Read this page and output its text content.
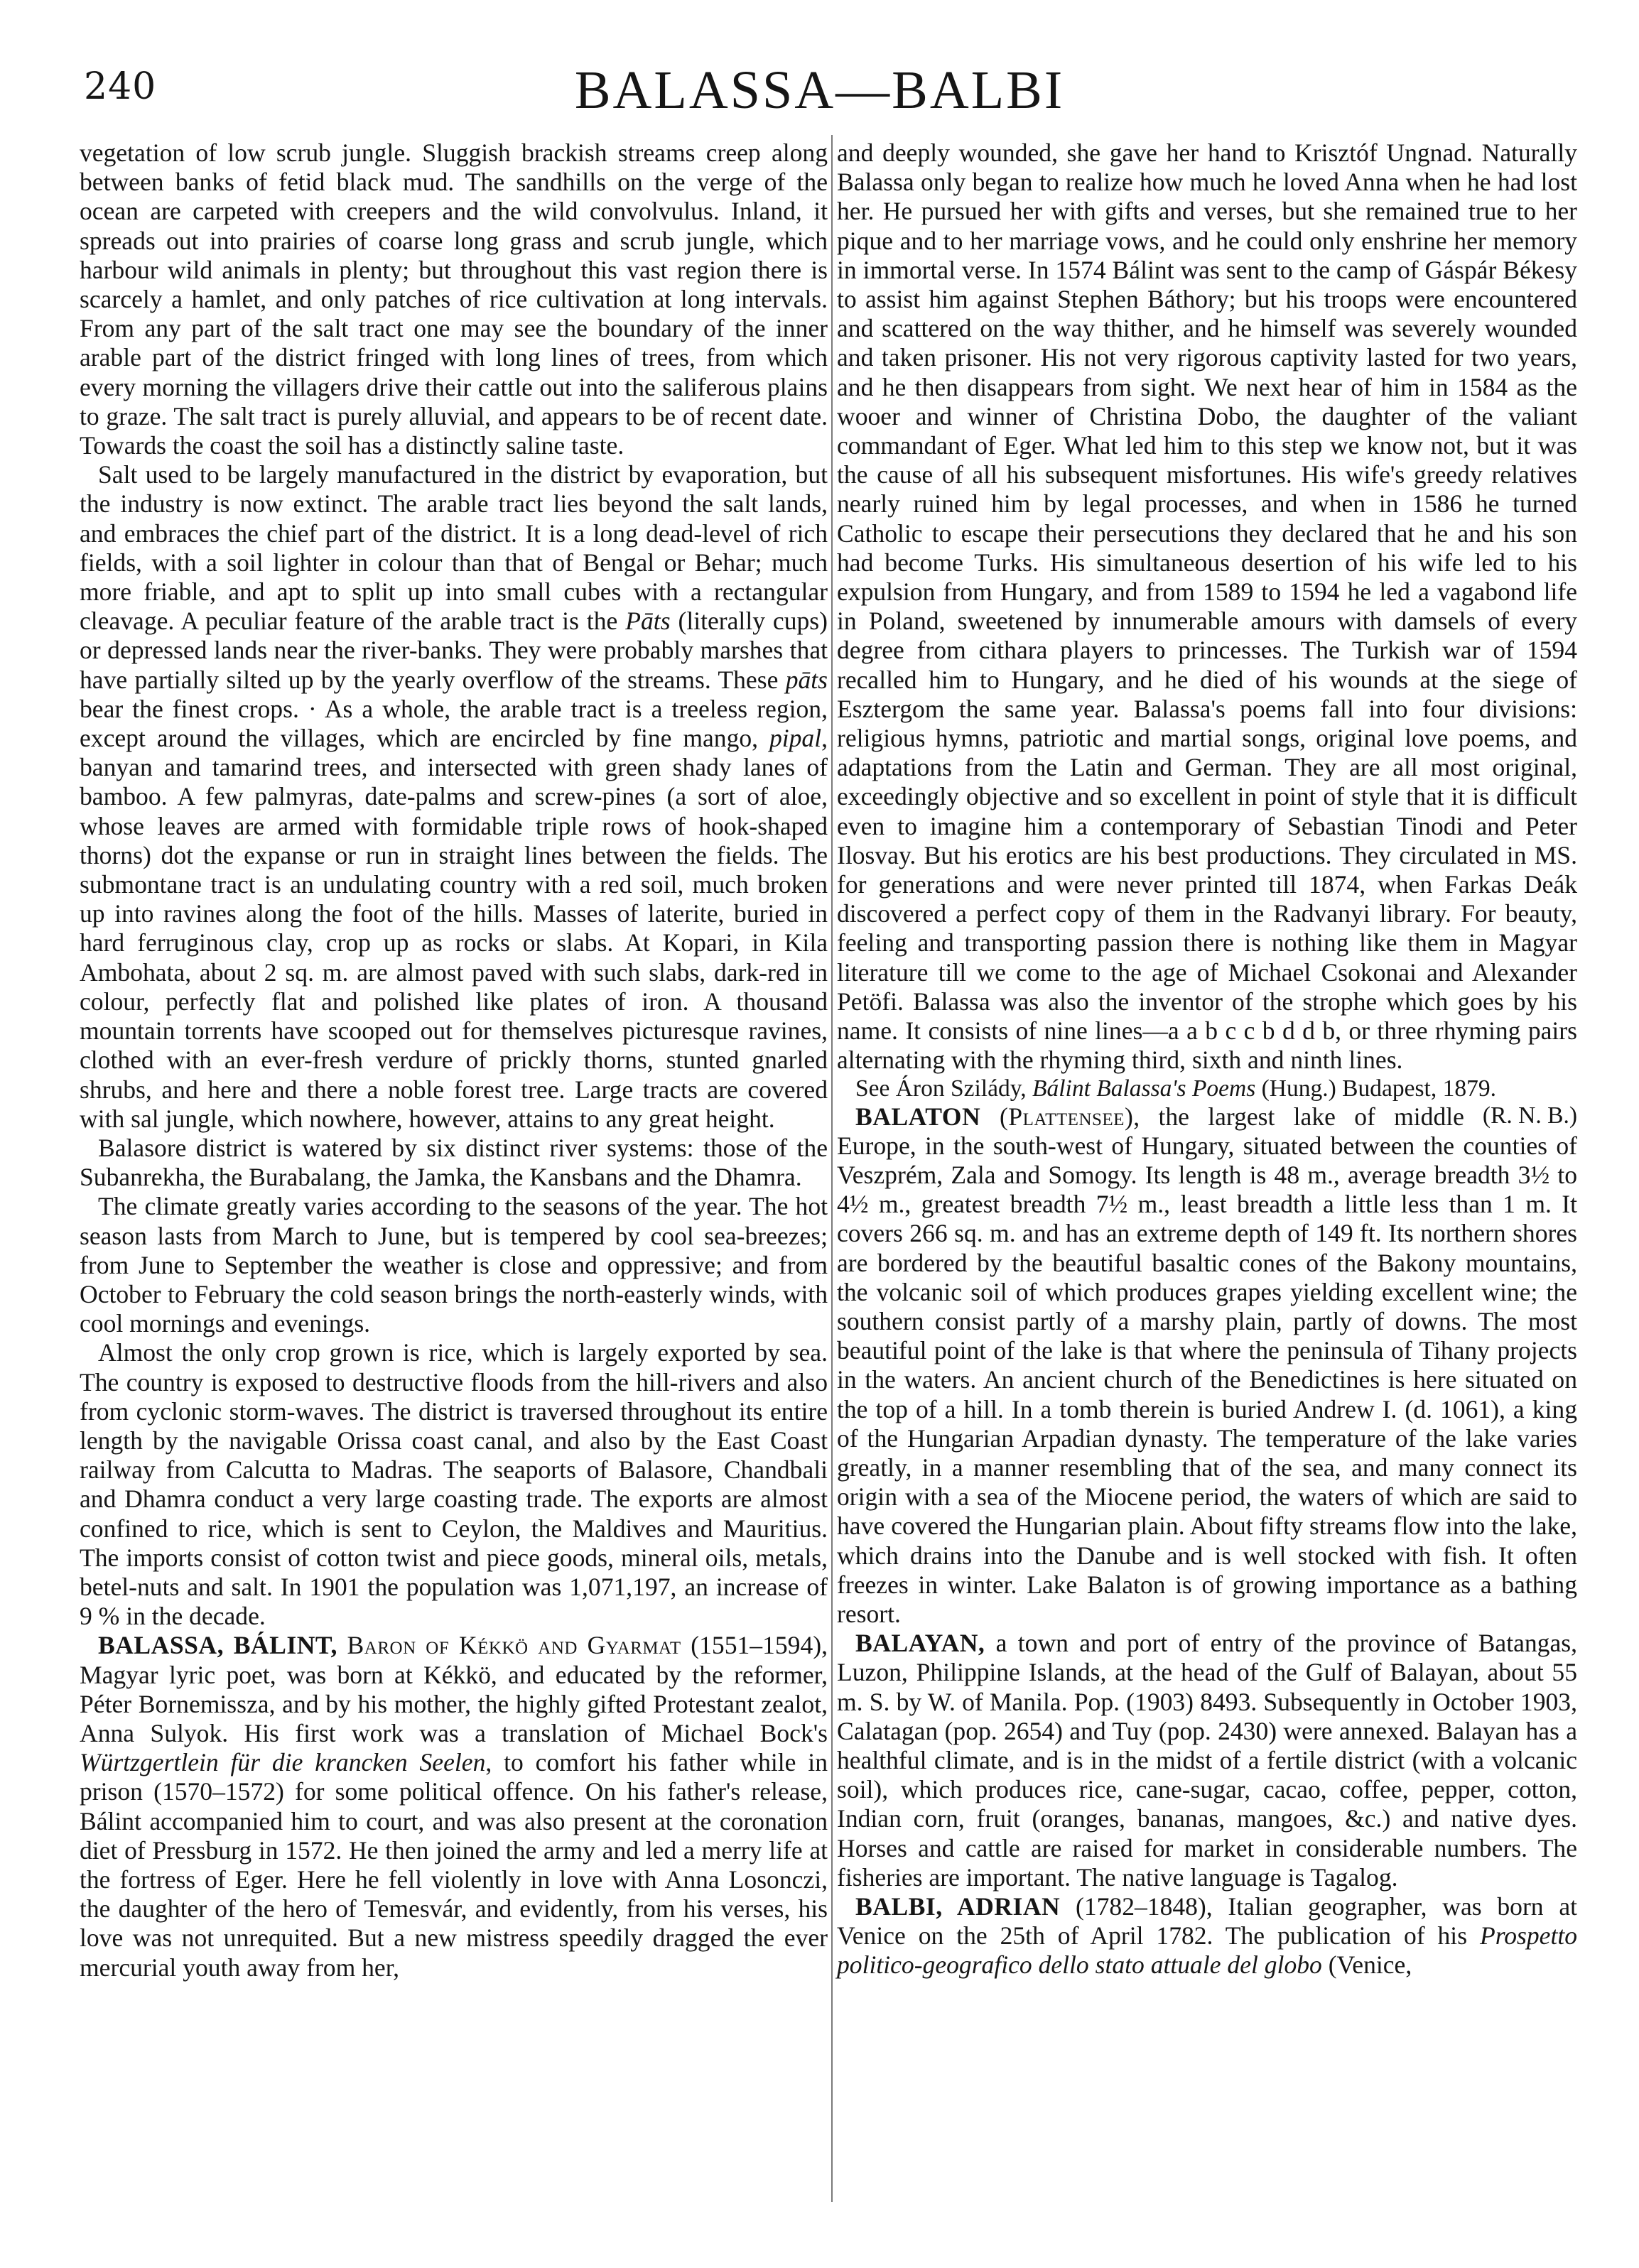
240	BALASSA—BALBI

vegetation of low scrub jungle. Sluggish brackish streams creep along between banks of fetid black mud. The sandhills on the verge of the ocean are carpeted with creepers and the wild convolvulus. Inland, it spreads out into prairies of coarse long grass and scrub jungle, which harbour wild animals in plenty; but throughout this vast region there is scarcely a hamlet, and only patches of rice cultivation at long intervals. From any part of the salt tract one may see the boundary of the inner arable part of the district fringed with long lines of trees, from which every morning the villagers drive their cattle out into the saliferous plains to graze. The salt tract is purely alluvial, and appears to be of recent date. Towards the coast the soil has a distinctly saline taste.

Salt used to be largely manufactured in the district by evaporation, but the industry is now extinct. The arable tract lies beyond the salt lands, and embraces the chief part of the district. It is a long dead-level of rich fields, with a soil lighter in colour than that of Bengal or Behar; much more friable, and apt to split up into small cubes with a rectangular cleavage. A peculiar feature of the arable tract is the Pāts (literally cups) or depressed lands near the river-banks. They were probably marshes that have partially silted up by the yearly overflow of the streams. These pāts bear the finest crops. · As a whole, the arable tract is a treeless region, except around the villages, which are encircled by fine mango, pipal, banyan and tamarind trees, and intersected with green shady lanes of bamboo. A few palmyras, date-palms and screw-pines (a sort of aloe, whose leaves are armed with formidable triple rows of hook-shaped thorns) dot the expanse or run in straight lines between the fields. The submontane tract is an undulating country with a red soil, much broken up into ravines along the foot of the hills. Masses of laterite, buried in hard ferruginous clay, crop up as rocks or slabs. At Kopari, in Kila Ambohata, about 2 sq. m. are almost paved with such slabs, dark-red in colour, perfectly flat and polished like plates of iron. A thousand mountain torrents have scooped out for themselves picturesque ravines, clothed with an ever-fresh verdure of prickly thorns, stunted gnarled shrubs, and here and there a noble forest tree. Large tracts are covered with sal jungle, which nowhere, however, attains to any great height.

Balasore district is watered by six distinct river systems: those of the Subanrekha, the Burabalang, the Jamka, the Kansbans and the Dhamra.

The climate greatly varies according to the seasons of the year. The hot season lasts from March to June, but is tempered by cool sea-breezes; from June to September the weather is close and oppressive; and from October to February the cold season brings the north-easterly winds, with cool mornings and evenings.

Almost the only crop grown is rice, which is largely exported by sea. The country is exposed to destructive floods from the hill-rivers and also from cyclonic storm-waves. The district is traversed throughout its entire length by the navigable Orissa coast canal, and also by the East Coast railway from Calcutta to Madras. The seaports of Balasore, Chandbali and Dhamra conduct a very large coasting trade. The exports are almost confined to rice, which is sent to Ceylon, the Maldives and Mauritius. The imports consist of cotton twist and piece goods, mineral oils, metals, betel-nuts and salt. In 1901 the population was 1,071,197, an increase of 9 % in the decade.

BALASSA, BÁLINT, Baron of Kékkö and Gyarmat (1551–1594), Magyar lyric poet, was born at Kékkö, and educated by the reformer, Péter Bornemissza, and by his mother, the highly gifted Protestant zealot, Anna Sulyok. His first work was a translation of Michael Bock's Würtzgertlein für die krancken Seelen, to comfort his father while in prison (1570–1572) for some political offence. On his father's release, Bálint accompanied him to court, and was also present at the coronation diet of Pressburg in 1572. He then joined the army and led a merry life at the fortress of Eger. Here he fell violently in love with Anna Losonczi, the daughter of the hero of Temesvár, and evidently, from his verses, his love was not unrequited. But a new mistress speedily dragged the ever mercurial youth away from her,

and deeply wounded, she gave her hand to Krisztóf Ungnad. Naturally Balassa only began to realize how much he loved Anna when he had lost her. He pursued her with gifts and verses, but she remained true to her pique and to her marriage vows, and he could only enshrine her memory in immortal verse. In 1574 Bálint was sent to the camp of Gáspár Békesy to assist him against Stephen Báthory; but his troops were encountered and scattered on the way thither, and he himself was severely wounded and taken prisoner. His not very rigorous captivity lasted for two years, and he then disappears from sight. We next hear of him in 1584 as the wooer and winner of Christina Dobo, the daughter of the valiant commandant of Eger. What led him to this step we know not, but it was the cause of all his subsequent misfortunes. His wife's greedy relatives nearly ruined him by legal processes, and when in 1586 he turned Catholic to escape their persecutions they declared that he and his son had become Turks. His simultaneous desertion of his wife led to his expulsion from Hungary, and from 1589 to 1594 he led a vagabond life in Poland, sweetened by innumerable amours with damsels of every degree from cithara players to princesses. The Turkish war of 1594 recalled him to Hungary, and he died of his wounds at the siege of Esztergom the same year. Balassa's poems fall into four divisions: religious hymns, patriotic and martial songs, original love poems, and adaptations from the Latin and German. They are all most original, exceedingly objective and so excellent in point of style that it is difficult even to imagine him a contemporary of Sebastian Tinodi and Peter Ilosvay. But his erotics are his best productions. They circulated in MS. for generations and were never printed till 1874, when Farkas Deák discovered a perfect copy of them in the Radvanyi library. For beauty, feeling and transporting passion there is nothing like them in Magyar literature till we come to the age of Michael Csokonai and Alexander Petöfi. Balassa was also the inventor of the strophe which goes by his name. It consists of nine lines—a a b c c b d d b, or three rhyming pairs alternating with the rhyming third, sixth and ninth lines.

See Áron Szilády, Bálint Balassa's Poems (Hung.) Budapest, 1879.
(R. N. B.)

BALATON (Plattensee), the largest lake of middle Europe, in the south-west of Hungary, situated between the counties of Veszprém, Zala and Somogy. Its length is 48 m., average breadth 3½ to 4½ m., greatest breadth 7½ m., least breadth a little less than 1 m. It covers 266 sq. m. and has an extreme depth of 149 ft. Its northern shores are bordered by the beautiful basaltic cones of the Bakony mountains, the volcanic soil of which produces grapes yielding excellent wine; the southern consist partly of a marshy plain, partly of downs. The most beautiful point of the lake is that where the peninsula of Tihany projects in the waters. An ancient church of the Benedictines is here situated on the top of a hill. In a tomb therein is buried Andrew I. (d. 1061), a king of the Hungarian Arpadian dynasty. The temperature of the lake varies greatly, in a manner resembling that of the sea, and many connect its origin with a sea of the Miocene period, the waters of which are said to have covered the Hungarian plain. About fifty streams flow into the lake, which drains into the Danube and is well stocked with fish. It often freezes in winter. Lake Balaton is of growing importance as a bathing resort.

BALAYAN, a town and port of entry of the province of Batangas, Luzon, Philippine Islands, at the head of the Gulf of Balayan, about 55 m. S. by W. of Manila. Pop. (1903) 8493. Subsequently in October 1903, Calatagan (pop. 2654) and Tuy (pop. 2430) were annexed. Balayan has a healthful climate, and is in the midst of a fertile district (with a volcanic soil), which produces rice, cane-sugar, cacao, coffee, pepper, cotton, Indian corn, fruit (oranges, bananas, mangoes, &c.) and native dyes. Horses and cattle are raised for market in considerable numbers. The fisheries are important. The native language is Tagalog.

BALBI, ADRIAN (1782–1848), Italian geographer, was born at Venice on the 25th of April 1782. The publication of his Prospetto politico-geografico dello stato attuale del globo (Venice,
